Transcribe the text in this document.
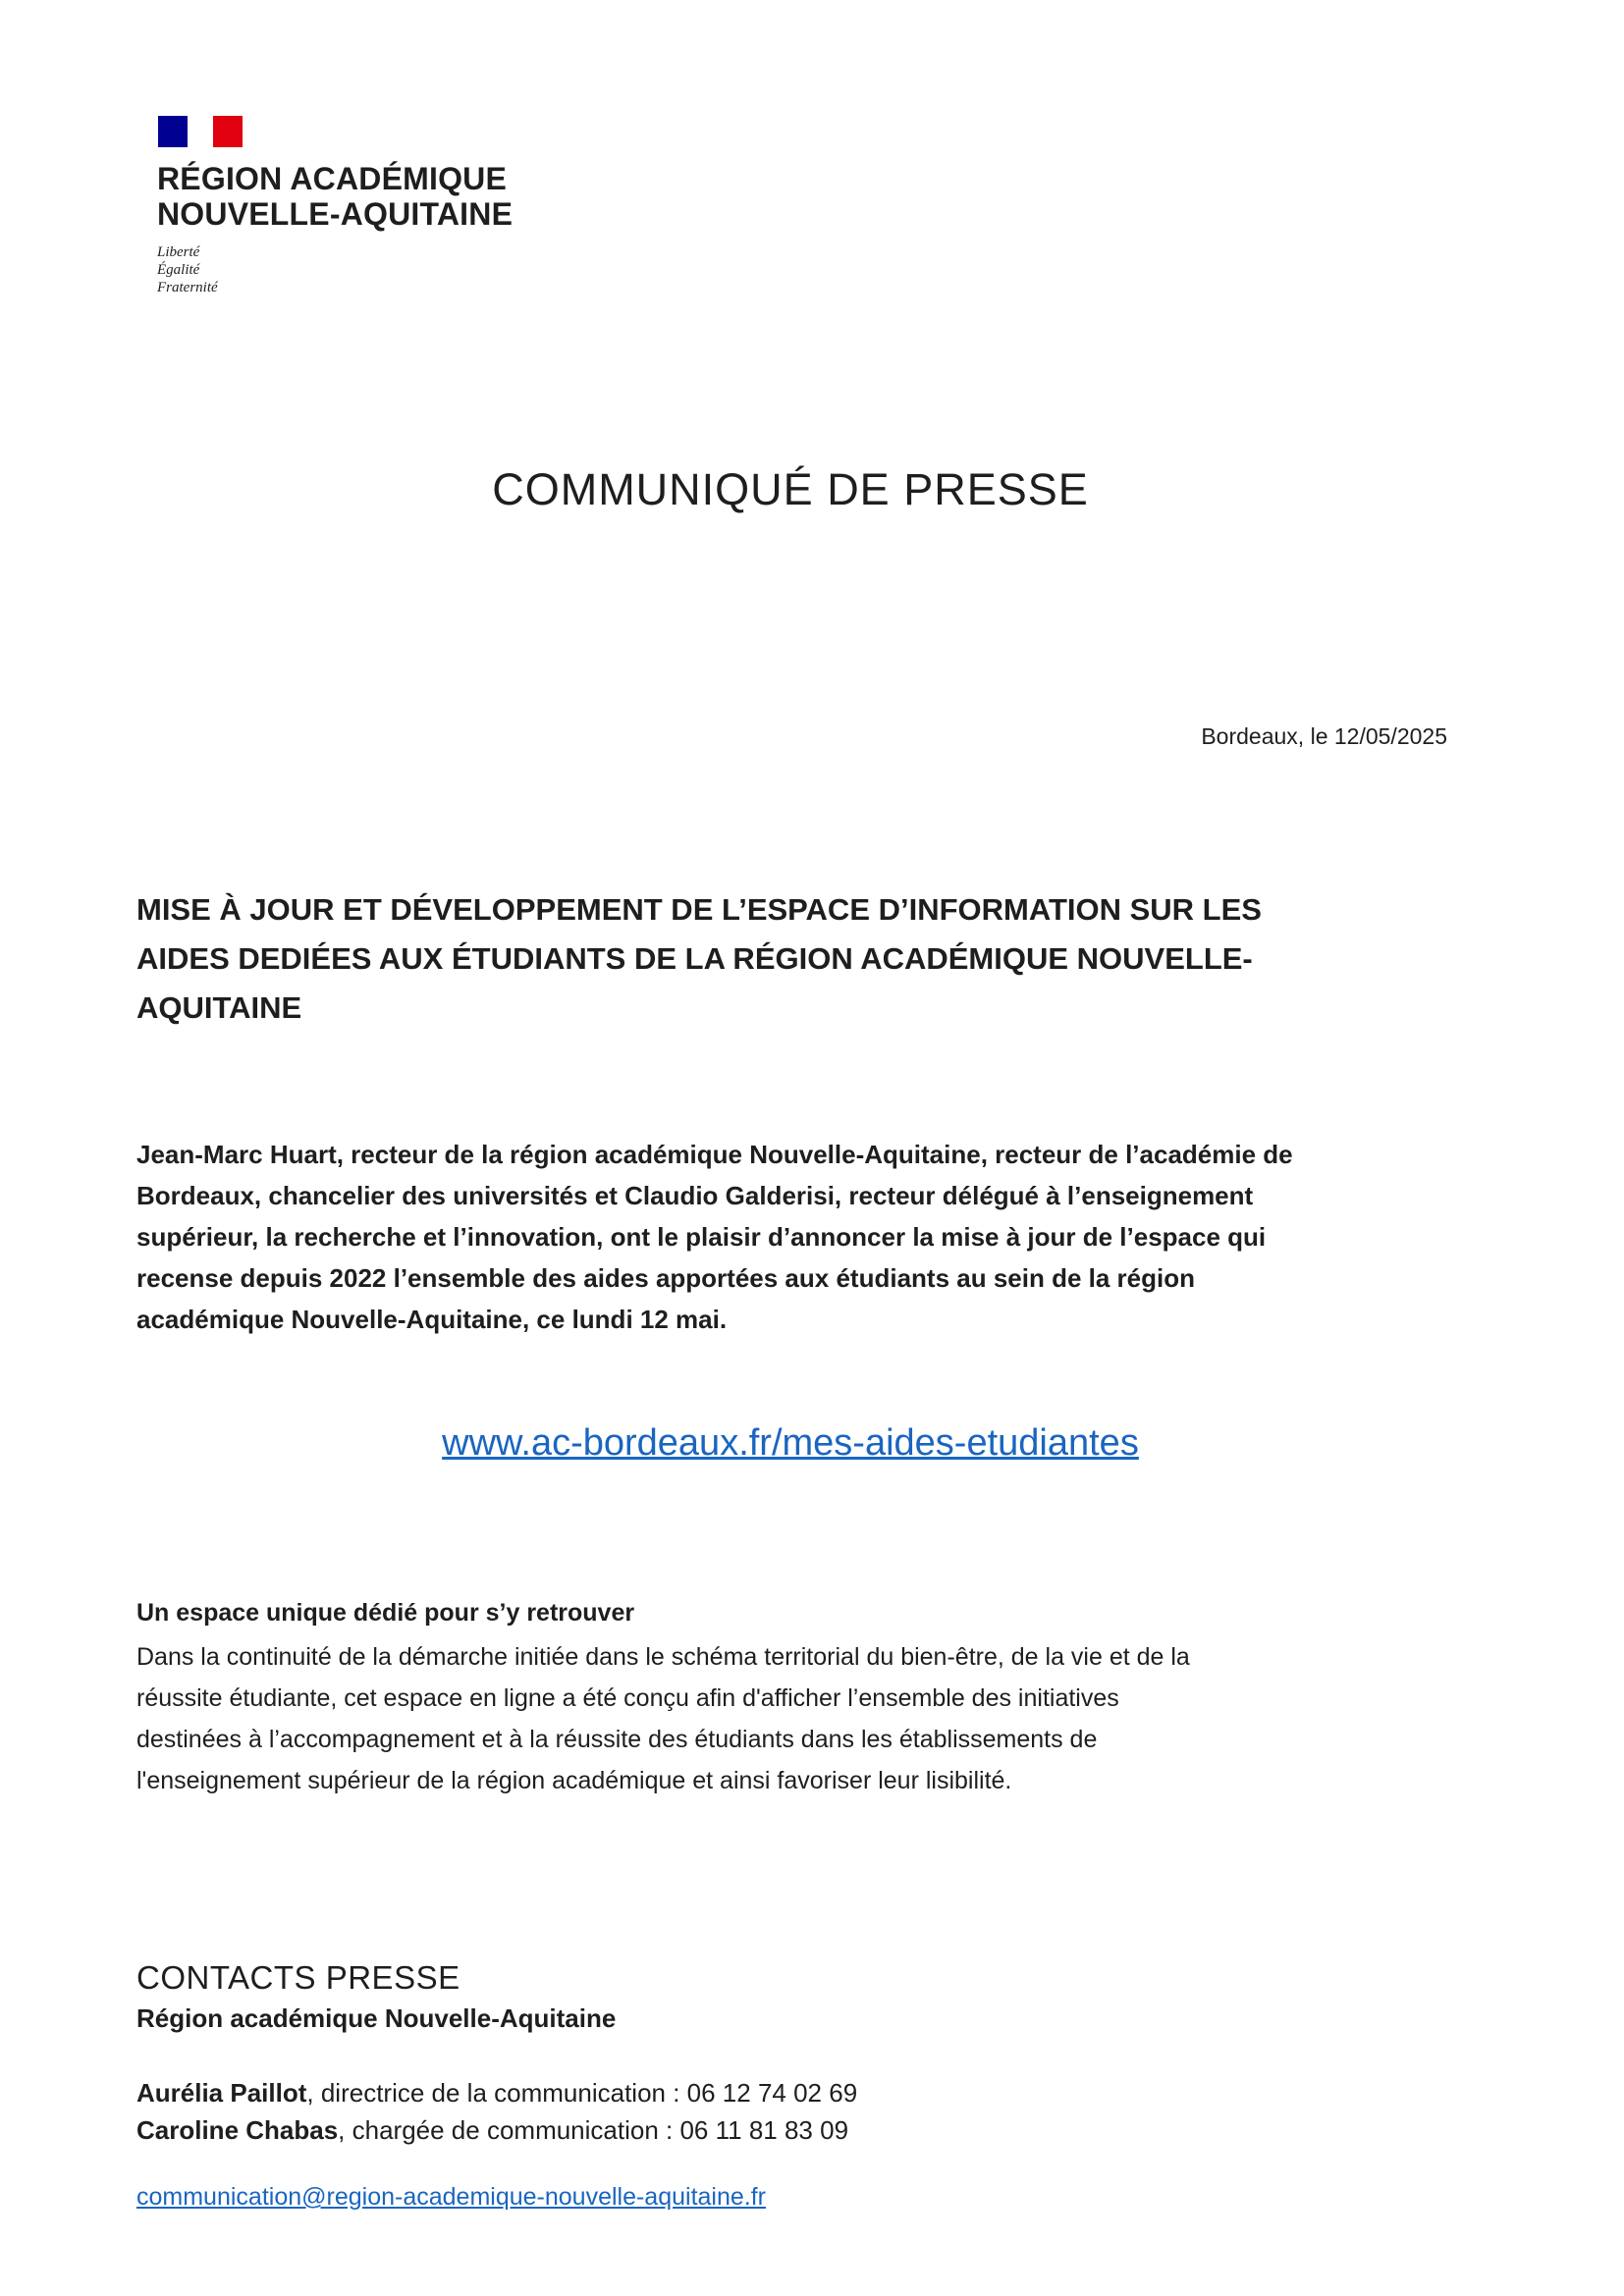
RÉGION ACADÉMIQUE
NOUVELLE-AQUITAINE
Liberté
Égalité
Fraternité
COMMUNIQUÉ DE PRESSE
Bordeaux, le 12/05/2025
MISE À JOUR ET DÉVELOPPEMENT DE L’ESPACE D’INFORMATION SUR LES
AIDES DEDIÉES AUX ÉTUDIANTS DE LA RÉGION ACADÉMIQUE NOUVELLE-
AQUITAINE
Jean-Marc Huart, recteur de la région académique Nouvelle-Aquitaine, recteur de l’académie de
Bordeaux, chancelier des universités et Claudio Galderisi, recteur délégué à l’enseignement
supérieur, la recherche et l’innovation, ont le plaisir d’annoncer la mise à jour de l’espace qui
recense depuis 2022 l’ensemble des aides apportées aux étudiants au sein de la région
académique Nouvelle-Aquitaine, ce lundi 12 mai.
www.ac-bordeaux.fr/mes-aides-etudiantes
Un espace unique dédié pour s’y retrouver
Dans la continuité de la démarche initiée dans le schéma territorial du bien-être, de la vie et de la
réussite étudiante, cet espace en ligne a été conçu afin d'afficher l’ensemble des initiatives
destinées à l’accompagnement et à la réussite des étudiants dans les établissements de
l'enseignement supérieur de la région académique et ainsi favoriser leur lisibilité.
CONTACTS PRESSE
Région académique Nouvelle-Aquitaine
Aurélia Paillot, directrice de la communication : 06 12 74 02 69
Caroline Chabas, chargée de communication : 06 11 81 83 09
communication@region-academique-nouvelle-aquitaine.fr
